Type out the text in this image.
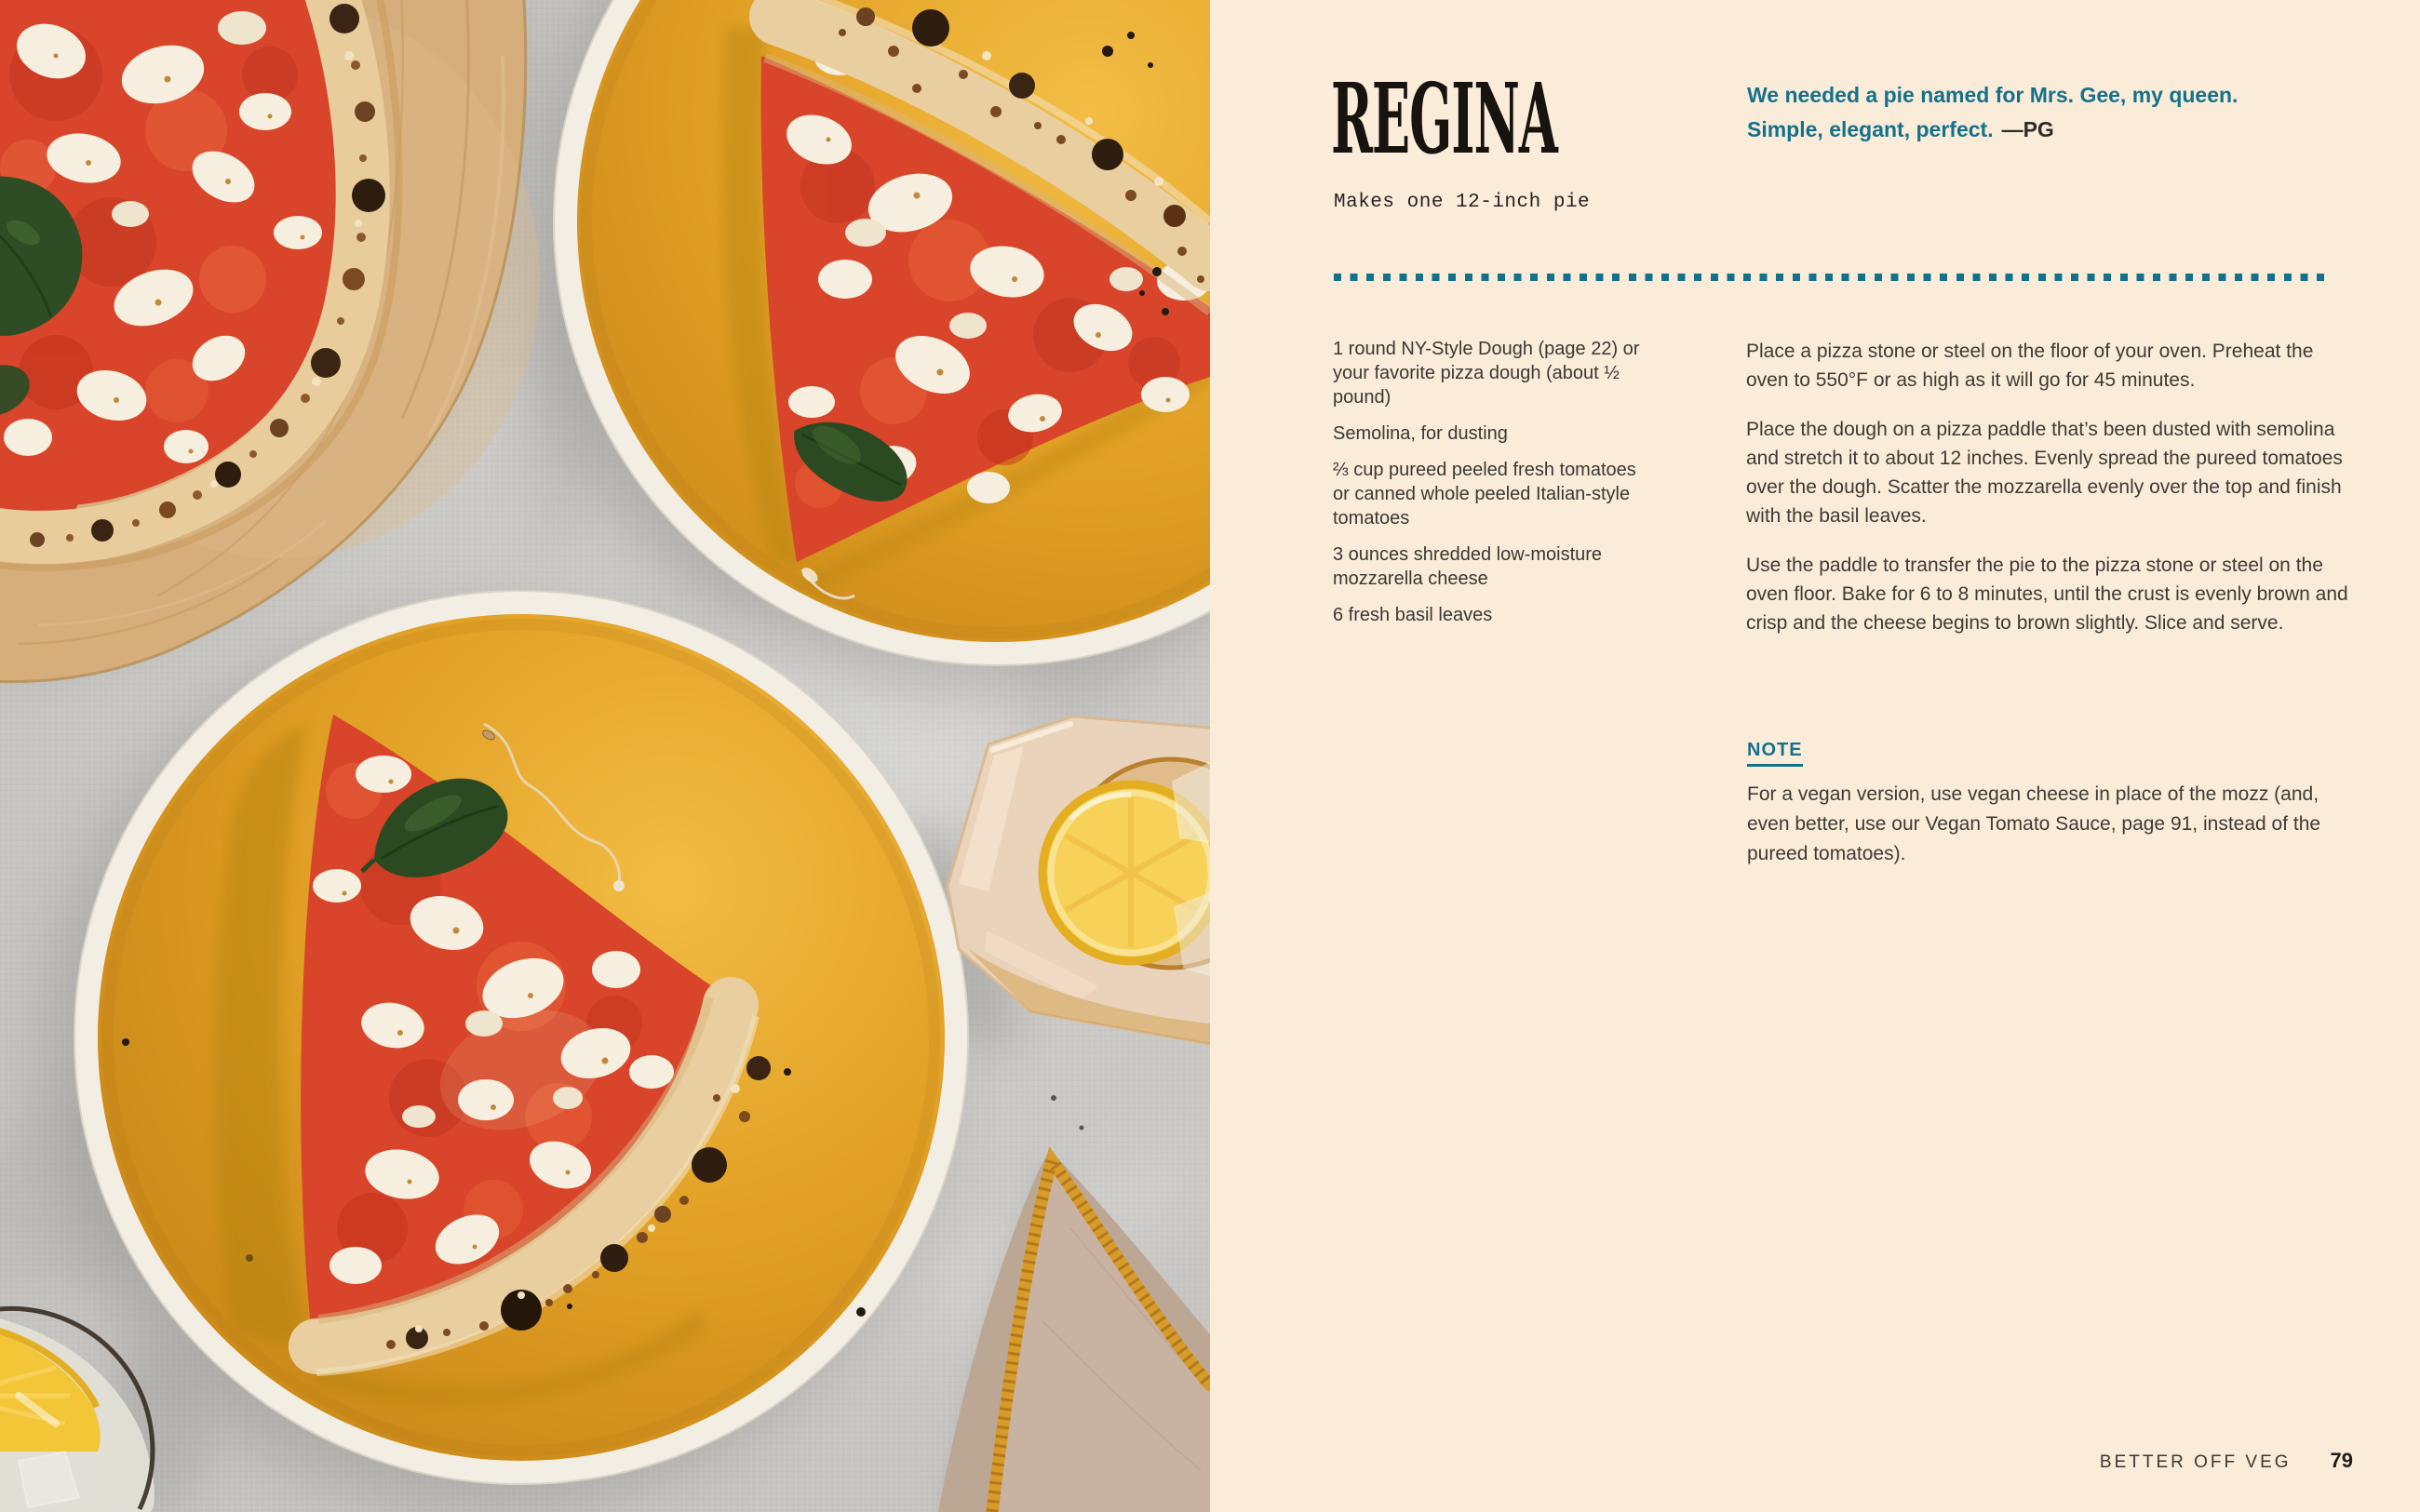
REGINA
Makes one 12-inch pie

We needed a pie named for Mrs. Gee, my queen. Simple, elegant, perfect. —PG

1 round NY-Style Dough (page 22) or your favorite pizza dough (about ½ pound)

Semolina, for dusting

⅔ cup pureed peeled fresh tomatoes or canned whole peeled Italian-style tomatoes

3 ounces shredded low-moisture mozzarella cheese

6 fresh basil leaves

Place a pizza stone or steel on the floor of your oven. Preheat the oven to 550°F or as high as it will go for 45 minutes.

Place the dough on a pizza paddle that’s been dusted with semolina and stretch it to about 12 inches. Evenly spread the pureed tomatoes over the dough. Scatter the mozzarella evenly over the top and finish with the basil leaves.

Use the paddle to transfer the pie to the pizza stone or steel on the oven floor. Bake for 6 to 8 minutes, until the crust is evenly brown and crisp and the cheese begins to brown slightly. Slice and serve.

NOTE

For a vegan version, use vegan cheese in place of the mozz (and, even better, use our Vegan Tomato Sauce, page 91, instead of the pureed tomatoes).

BETTER OFF VEG 79
